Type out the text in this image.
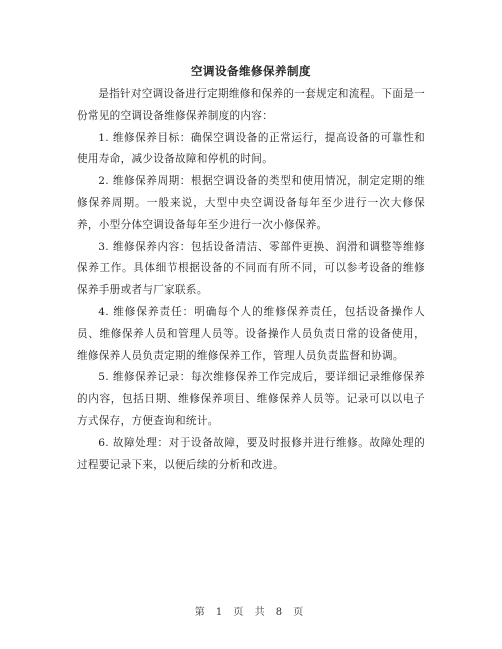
空调设备维修保养制度

是指针对空调设备进行定期维修和保养的一套规定和流程。下面是一份常见的空调设备维修保养制度的内容：

1. 维修保养目标：确保空调设备的正常运行，提高设备的可靠性和使用寿命，减少设备故障和停机的时间。

2. 维修保养周期：根据空调设备的类型和使用情况，制定定期的维修保养周期。一般来说，大型中央空调设备每年至少进行一次大修保养，小型分体空调设备每年至少进行一次小修保养。

3. 维修保养内容：包括设备清洁、零部件更换、润滑和调整等维修保养工作。具体细节根据设备的不同而有所不同，可以参考设备的维修保养手册或者与厂家联系。

4. 维修保养责任：明确每个人的维修保养责任，包括设备操作人员、维修保养人员和管理人员等。设备操作人员负责日常的设备使用，维修保养人员负责定期的维修保养工作，管理人员负责监督和协调。

5. 维修保养记录：每次维修保养工作完成后，要详细记录维修保养的内容，包括日期、维修保养项目、维修保养人员等。记录可以以电子方式保存，方便查询和统计。

6. 故障处理：对于设备故障，要及时报修并进行维修。故障处理的过程要记录下来，以便后续的分析和改进。

第 1 页 共 8 页
